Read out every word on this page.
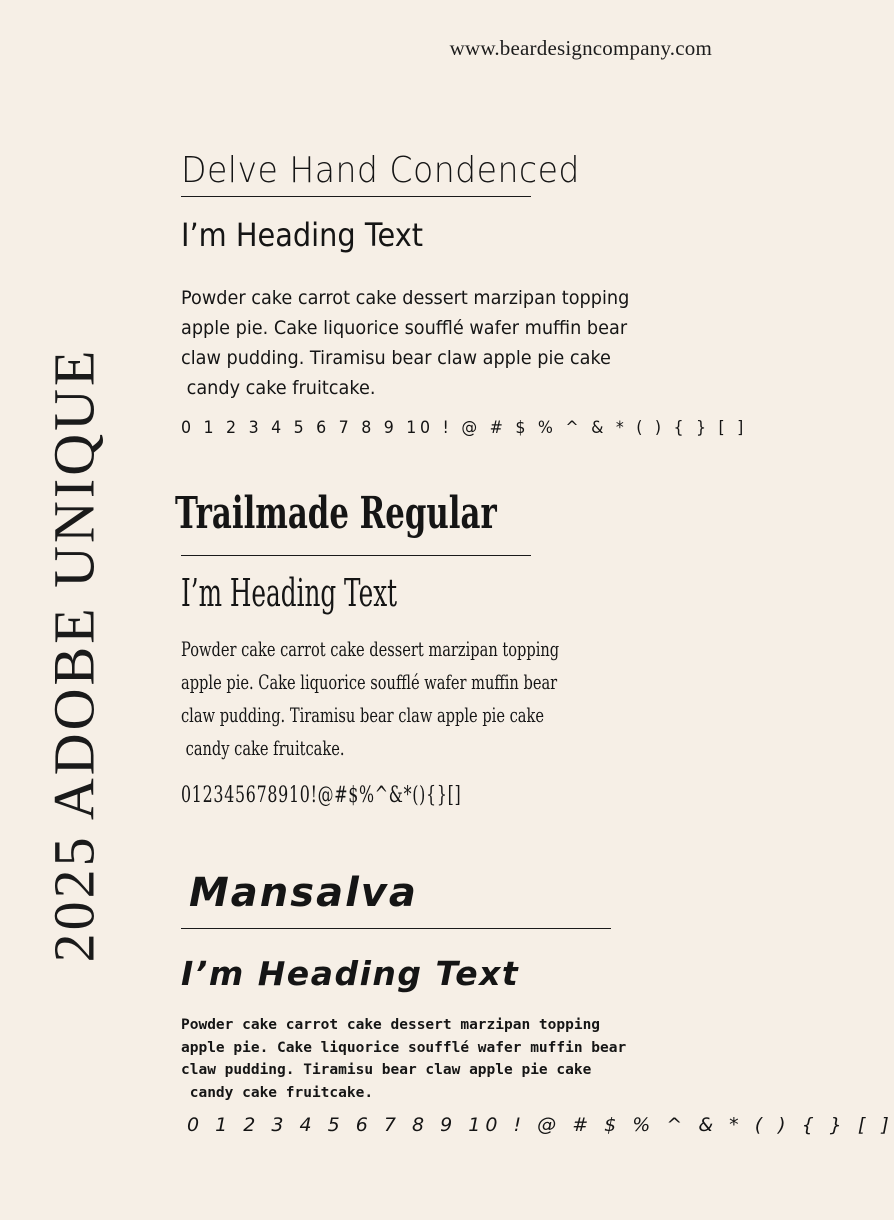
www.beardesigncompany.com
2025 ADOBE UNIQUE
Delve Hand Condenced
I’m Heading Text
Powder cake carrot cake dessert marzipan topping
apple pie. Cake liquorice soufflé wafer muffin bear
claw pudding. Tiramisu bear claw apple pie cake
candy cake fruitcake.
0 1 2 3 4 5 6 7 8 9 10 ! @ # $ % ^ & * ( ) { } [ ]
Trailmade Regular
I’m Heading Text
Powder cake carrot cake dessert marzipan topping
apple pie. Cake liquorice soufflé wafer muffin bear
claw pudding. Tiramisu bear claw apple pie cake
candy cake fruitcake.
012345678910!@#$%^&*(){}[]
Mansalva
I’m Heading Text
Powder cake carrot cake dessert marzipan topping
apple pie. Cake liquorice soufflé wafer muffin bear
claw pudding. Tiramisu bear claw apple pie cake
candy cake fruitcake.
0 1 2 3 4 5 6 7 8 9 10 ! @ # $ % ^ & * ( ) { } [ ]
